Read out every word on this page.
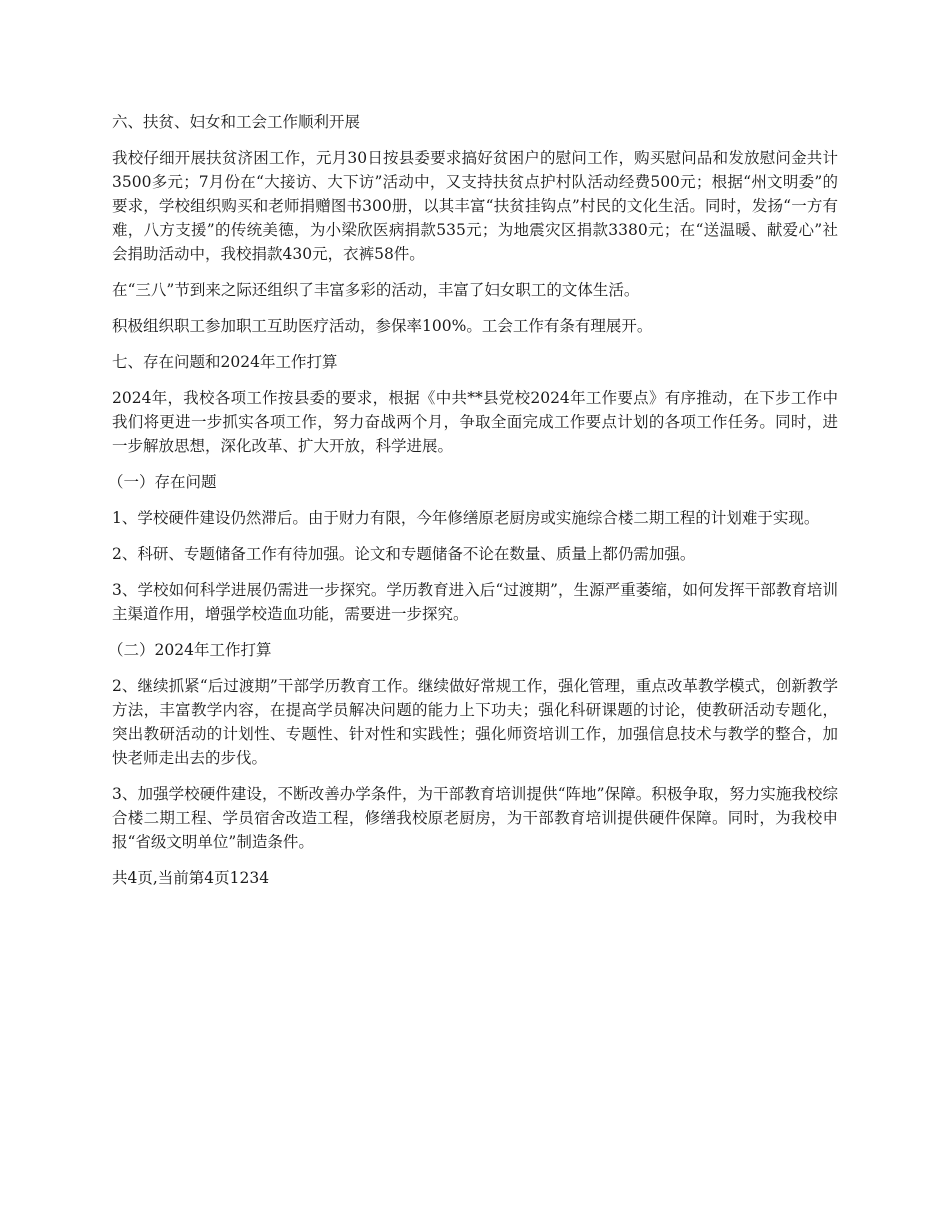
六、扶贫、妇女和工会工作顺利开展

我校仔细开展扶贫济困工作，元月30日按县委要求搞好贫困户的慰问工作，购买慰问品和发放慰问金共计3500多元；7月份在“大接访、大下访”活动中，又支持扶贫点护村队活动经费500元；根据“州文明委”的要求，学校组织购买和老师捐赠图书300册，以其丰富“扶贫挂钩点”村民的文化生活。同时，发扬“一方有难，八方支援”的传统美德，为小梁欣医病捐款535元；为地震灾区捐款3380元；在“送温暖、献爱心”社会捐助活动中，我校捐款430元，衣裤58件。

在“三八”节到来之际还组织了丰富多彩的活动，丰富了妇女职工的文体生活。

积极组织职工参加职工互助医疗活动，参保率100%。工会工作有条有理展开。

七、存在问题和2024年工作打算

2024年，我校各项工作按县委的要求，根据《中共**县党校2024年工作要点》有序推动，在下步工作中我们将更进一步抓实各项工作，努力奋战两个月，争取全面完成工作要点计划的各项工作任务。同时，进一步解放思想，深化改革、扩大开放，科学进展。

（一）存在问题

1、学校硬件建设仍然滞后。由于财力有限，今年修缮原老厨房或实施综合楼二期工程的计划难于实现。

2、科研、专题储备工作有待加强。论文和专题储备不论在数量、质量上都仍需加强。

3、学校如何科学进展仍需进一步探究。学历教育进入后“过渡期”，生源严重萎缩，如何发挥干部教育培训主渠道作用，增强学校造血功能，需要进一步探究。

（二）2024年工作打算

2、继续抓紧“后过渡期”干部学历教育工作。继续做好常规工作，强化管理，重点改革教学模式，创新教学方法，丰富教学内容，在提高学员解决问题的能力上下功夫；强化科研课题的讨论，使教研活动专题化，突出教研活动的计划性、专题性、针对性和实践性；强化师资培训工作，加强信息技术与教学的整合，加快老师走出去的步伐。

3、加强学校硬件建设，不断改善办学条件，为干部教育培训提供“阵地”保障。积极争取，努力实施我校综合楼二期工程、学员宿舍改造工程，修缮我校原老厨房，为干部教育培训提供硬件保障。同时，为我校申报“省级文明单位”制造条件。

共4页,当前第4页1234
